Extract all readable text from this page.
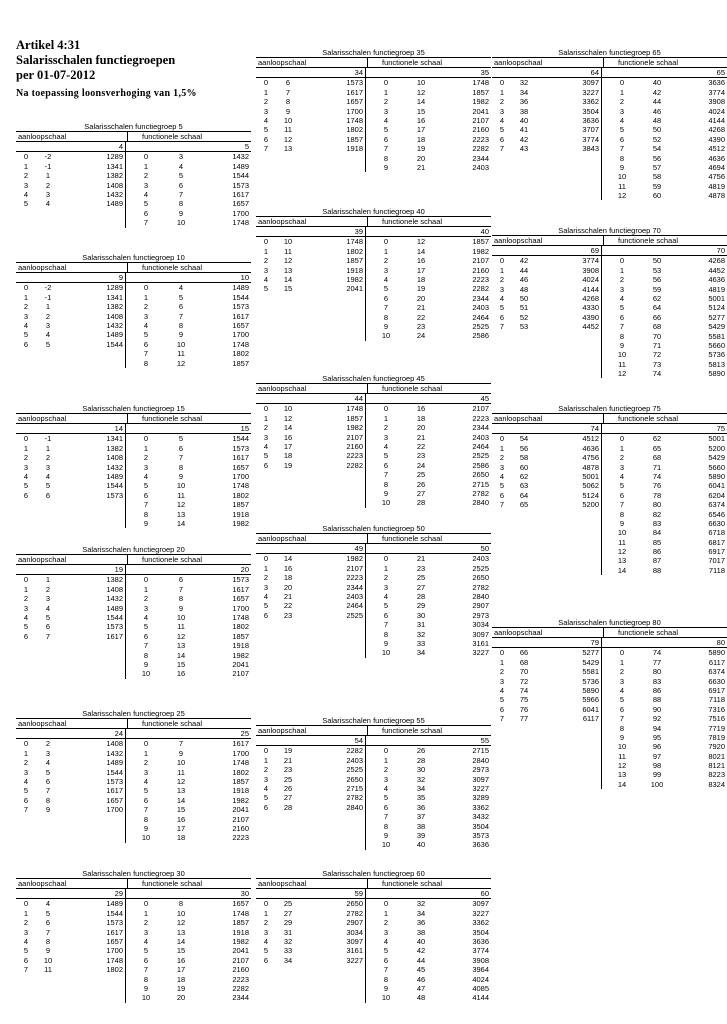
Artikel 4:31
Salarisschalen functiegroepen
per 01-07-2012
Na toepassing loonsverhoging van 1,5%
Salarisschalen functiegroep 5
aanloopschaal	functionele schaal
4	5
0	-2	1289
1	-1	1341
2	1	1382
3	2	1408
4	3	1432
5	4	1489
0	3	1432
1	4	1489
2	5	1544
3	6	1573
4	7	1617
5	8	1657
6	9	1700
7	10	1748
Salarisschalen functiegroep 10
aanloopschaal	functionele schaal
9	10
0	-2	1289
1	-1	1341
2	1	1382
3	2	1408
4	3	1432
5	4	1489
6	5	1544
0	4	1489
1	5	1544
2	6	1573
3	7	1617
4	8	1657
5	9	1700
6	10	1748
7	11	1802
8	12	1857
Salarisschalen functiegroep 15
aanloopschaal	functionele schaal
14	15
0	-1	1341
1	1	1382
2	2	1408
3	3	1432
4	4	1489
5	5	1544
6	6	1573
0	5	1544
1	6	1573
2	7	1617
3	8	1657
4	9	1700
5	10	1748
6	11	1802
7	12	1857
8	13	1918
9	14	1982
Salarisschalen functiegroep 20
aanloopschaal	functionele schaal
19	20
0	1	1382
1	2	1408
2	3	1432
3	4	1489
4	5	1544
5	6	1573
6	7	1617
0	6	1573
1	7	1617
2	8	1657
3	9	1700
4	10	1748
5	11	1802
6	12	1857
7	13	1918
8	14	1982
9	15	2041
10	16	2107
Salarisschalen functiegroep 25
aanloopschaal	functionele schaal
24	25
0	2	1408
1	3	1432
2	4	1489
3	5	1544
4	6	1573
5	7	1617
6	8	1657
7	9	1700
0	7	1617
1	9	1700
2	10	1748
3	11	1802
4	12	1857
5	13	1918
6	14	1982
7	15	2041
8	16	2107
9	17	2160
10	18	2223
Salarisschalen functiegroep 30
aanloopschaal	functionele schaal
29	30
0	4	1489
1	5	1544
2	6	1573
3	7	1617
4	8	1657
5	9	1700
6	10	1748
7	11	1802
0	8	1657
1	10	1748
2	12	1857
3	13	1918
4	14	1982
5	15	2041
6	16	2107
7	17	2160
8	18	2223
9	19	2282
10	20	2344
Salarisschalen functiegroep 35
aanloopschaal	functionele schaal
34	35
0	6	1573
1	7	1617
2	8	1657
3	9	1700
4	10	1748
5	11	1802
6	12	1857
7	13	1918
0	10	1748
1	12	1857
2	14	1982
3	15	2041
4	16	2107
5	17	2160
6	18	2223
7	19	2282
8	20	2344
9	21	2403
Salarisschalen functiegroep 40
aanloopschaal	functionele schaal
39	40
0	10	1748
1	11	1802
2	12	1857
3	13	1918
4	14	1982
5	15	2041
0	12	1857
1	14	1982
2	16	2107
3	17	2160
4	18	2223
5	19	2282
6	20	2344
7	21	2403
8	22	2464
9	23	2525
10	24	2586
Salarisschalen functiegroep 45
aanloopschaal	functionele schaal
44	45
0	10	1748
1	12	1857
2	14	1982
3	16	2107
4	17	2160
5	18	2223
6	19	2282
0	16	2107
1	18	2223
2	20	2344
3	21	2403
4	22	2464
5	23	2525
6	24	2586
7	25	2650
8	26	2715
9	27	2782
10	28	2840
Salarisschalen functiegroep 50
aanloopschaal	functionele schaal
49	50
0	14	1982
1	16	2107
2	18	2223
3	20	2344
4	21	2403
5	22	2464
6	23	2525
0	21	2403
1	23	2525
2	25	2650
3	27	2782
4	28	2840
5	29	2907
6	30	2973
7	31	3034
8	32	3097
9	33	3161
10	34	3227
Salarisschalen functiegroep 55
aanloopschaal	functionele schaal
54	55
0	19	2282
1	21	2403
2	23	2525
3	25	2650
4	26	2715
5	27	2782
6	28	2840
0	26	2715
1	28	2840
2	30	2973
3	32	3097
4	34	3227
5	35	3289
6	36	3362
7	37	3432
8	38	3504
9	39	3573
10	40	3636
Salarisschalen functiegroep 60
aanloopschaal	functionele schaal
59	60
0	25	2650
1	27	2782
2	29	2907
3	31	3034
4	32	3097
5	33	3161
6	34	3227
0	32	3097
1	34	3227
2	36	3362
3	38	3504
4	40	3636
5	42	3774
6	44	3908
7	45	3964
8	46	4024
9	47	4085
10	48	4144
Salarisschalen functiegroep 65
aanloopschaal	functionele schaal
64	65
0	32	3097
1	34	3227
2	36	3362
3	38	3504
4	40	3636
5	41	3707
6	42	3774
7	43	3843
0	40	3636
1	42	3774
2	44	3908
3	46	4024
4	48	4144
5	50	4268
6	52	4390
7	54	4512
8	56	4636
9	57	4694
10	58	4756
11	59	4819
12	60	4878
Salarisschalen functiegroep 70
aanloopschaal	functionele schaal
69	70
0	42	3774
1	44	3908
2	46	4024
3	48	4144
4	50	4268
5	51	4330
6	52	4390
7	53	4452
0	50	4268
1	53	4452
2	56	4636
3	59	4819
4	62	5001
5	64	5124
6	66	5277
7	68	5429
8	70	5581
9	71	5660
10	72	5736
11	73	5813
12	74	5890
Salarisschalen functiegroep 75
aanloopschaal	functionele schaal
74	75
0	54	4512
1	56	4636
2	58	4756
3	60	4878
4	62	5001
5	63	5062
6	64	5124
7	65	5200
0	62	5001
1	65	5200
2	68	5429
3	71	5660
4	74	5890
5	76	6041
6	78	6204
7	80	6374
8	82	6546
9	83	6630
10	84	6718
11	85	6817
12	86	6917
13	87	7017
14	88	7118
Salarisschalen functiegroep 80
aanloopschaal	functionele schaal
79	80
0	66	5277
1	68	5429
2	70	5581
3	72	5736
4	74	5890
5	75	5966
6	76	6041
7	77	6117
0	74	5890
1	77	6117
2	80	6374
3	83	6630
4	86	6917
5	88	7118
6	90	7316
7	92	7516
8	94	7719
9	95	7819
10	96	7920
11	97	8021
12	98	8121
13	99	8223
14	100	8324
